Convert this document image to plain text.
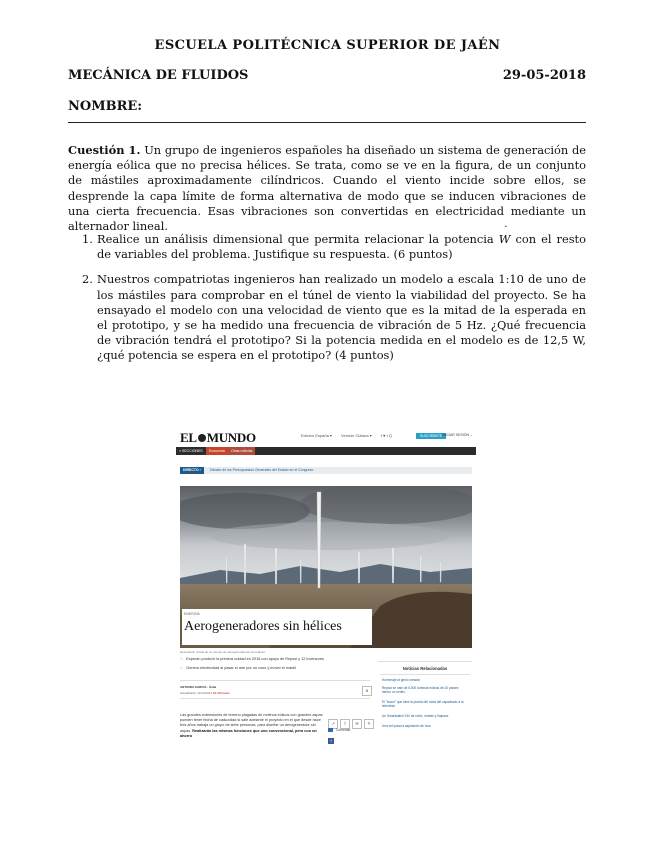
ESCUELA POLITÉCNICA SUPERIOR DE JAÉN
MECÁNICA DE FLUIDOS	29-05-2018
NOMBRE:
Cuestión 1. Un grupo de ingenieros españoles ha diseñado un sistema de generación de energía eólica que no precisa hélices. Se trata, como se ve en la figura, de un conjunto de mástiles aproximadamente cilíndricos. Cuando el viento incide sobre ellos, se desprende la capa límite de forma alternativa de modo que se inducen vibraciones de una cierta frecuencia. Esas vibraciones son convertidas en electricidad mediante un alternador lineal.
1. Realice un análisis dimensional que permita relacionar la potencia W ˙ con el resto de variables del problema. Justifique su respuesta. (6 puntos)
2. Nuestros compatriotas ingenieros han realizado un modelo a escala 1:10 de uno de los mástiles para comprobar en el túnel de viento la viabilidad del proyecto. Se ha ensayado el modelo con una velocidad de viento que es la mitad de la esperada en el prototipo, y se ha medido una frecuencia de vibración de 5 Hz. ¿Qué frecuencia de vibración tendrá el prototipo? Si la potencia medida en el modelo es de 12,5 W, ¿qué potencia se espera en el prototipo? (4 puntos)
EL MUNDO	Edición España ▾ Versión Clásica ▾ f ♥ t Q	SUSCRÍBETE INICIAR SESIÓN ⌄
≡ SECCIONES	Economía	Otras noticias
DIRECTO ›	Debate de los Presupuestos Generales del Estado en el Congreso
ENERGÍA
Aerogeneradores sin hélices
Recreación virtual de un campo de aerogeneradores sin hélices.
□ Esperan producir la primera unidad en 2016 con apoyo de Repsol y 12 inversores
□ Genera electricidad al pasar el aire por un cono y mover el mástil
ANTONIO GARCÍA · Ávila
Actualizado: 11/12/2014 10:40 horas	0
Las grandes extensiones de terreno plagadas de molinos eólicos con grandes aspas pueden tener fecha de caducidad si sale adelante el proyecto en el que desde hace tres años trabaja un grupo de siete personas, para diseñar un aerogenerador sin aspas. Realizarán las mismas funciones que uno convencional, pero con un ahorro
↗ T ✉ ✎
Comentar
f
Noticias Relacionadas
Homenaje al genio creador
Repsol se vale de 6.000 turbinas eólicas de 20 países dentro un centro
El "boom" que abre la puerta del robot del capacitado a la televisión
Un Smartwatch 910 de robin, ímetari y lirapace
Una red para la aspiración de vísa
